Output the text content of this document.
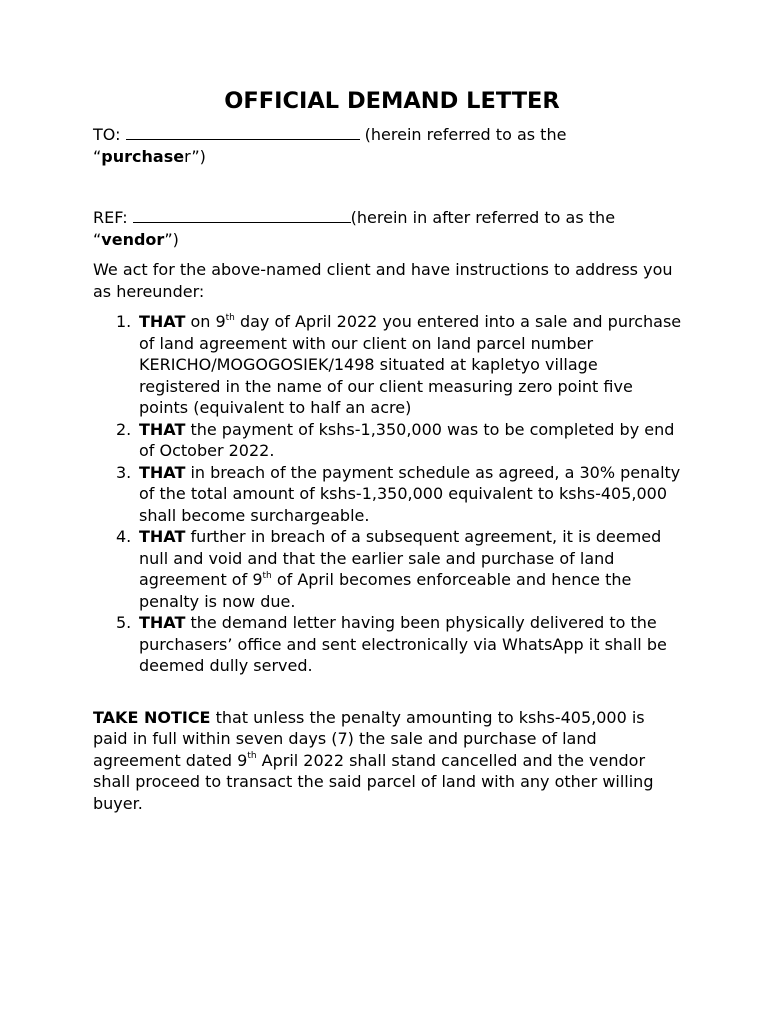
OFFICIAL DEMAND LETTER

TO:	(herein referred to as the
“purchaser”)

REF:	(herein in after referred to as the
“vendor”)

We act for the above-named client and have instructions to address you as hereunder:

1. THAT on 9th day of April 2022 you entered into a sale and purchase of land agreement with our client on land parcel number KERICHO/MOGOGOSIEK/1498 situated at kapletyo village registered in the name of our client measuring zero point five points (equivalent to half an acre)
2. THAT the payment of kshs-1,350,000 was to be completed by end of October 2022.
3. THAT in breach of the payment schedule as agreed, a 30% penalty of the total amount of kshs-1,350,000 equivalent to kshs-405,000 shall become surchargeable.
4. THAT further in breach of a subsequent agreement, it is deemed null and void and that the earlier sale and purchase of land agreement of 9th of April becomes enforceable and hence the penalty is now due.
5. THAT the demand letter having been physically delivered to the purchasers’ office and sent electronically via WhatsApp it shall be deemed dully served.

TAKE NOTICE that unless the penalty amounting to kshs-405,000 is paid in full within seven days (7) the sale and purchase of land agreement dated 9th April 2022 shall stand cancelled and the vendor shall proceed to transact the said parcel of land with any other willing buyer.
